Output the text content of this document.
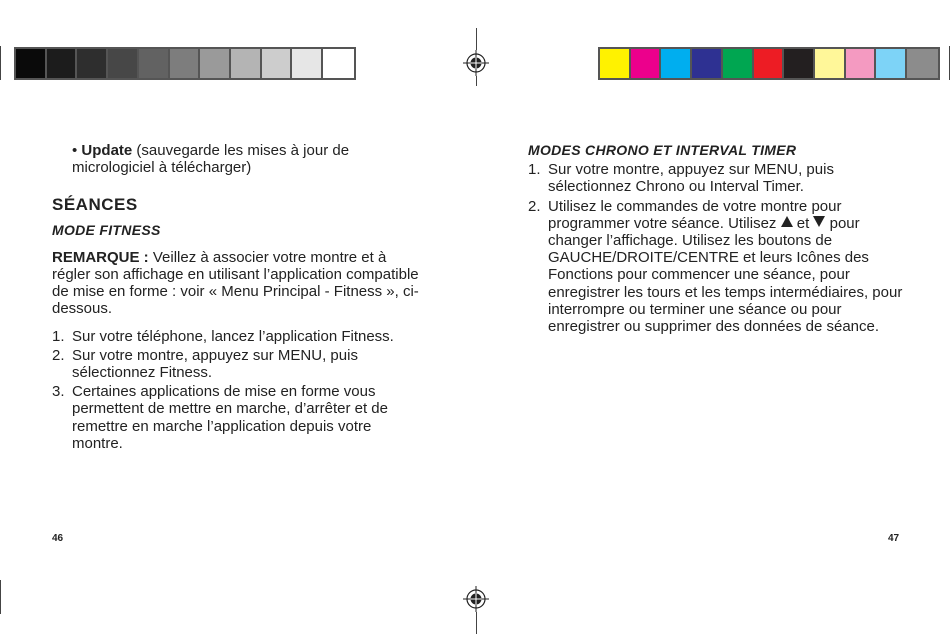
• Update (sauvegarde les mises à jour de micrologiciel à télécharger)
SÉANCES
MODE FITNESS

REMARQUE : Veillez à associer votre montre et à régler son affichage en utilisant l’application compatible de mise en forme : voir « Menu Principal - Fitness », ci-dessous.

1. Sur votre téléphone, lancez l’application Fitness.
2. Sur votre montre, appuyez sur MENU, puis sélectionnez Fitness.
3. Certaines applications de mise en forme vous permettent de mettre en marche, d’arrêter et de remettre en marche l’application depuis votre montre.
46
MODES CHRONO ET INTERVAL TIMER
1. Sur votre montre, appuyez sur MENU, puis sélectionnez Chrono ou Interval Timer.
2. Utilisez le commandes de votre montre pour programmer votre séance. Utilisez  et  pour changer l’affichage. Utilisez les boutons de GAUCHE/DROITE/CENTRE et leurs Icônes des Fonctions pour commencer une séance, pour enregistrer les tours et les temps intermédiaires, pour interrompre ou terminer une séance ou pour enregistrer ou supprimer des données de séance.
47
